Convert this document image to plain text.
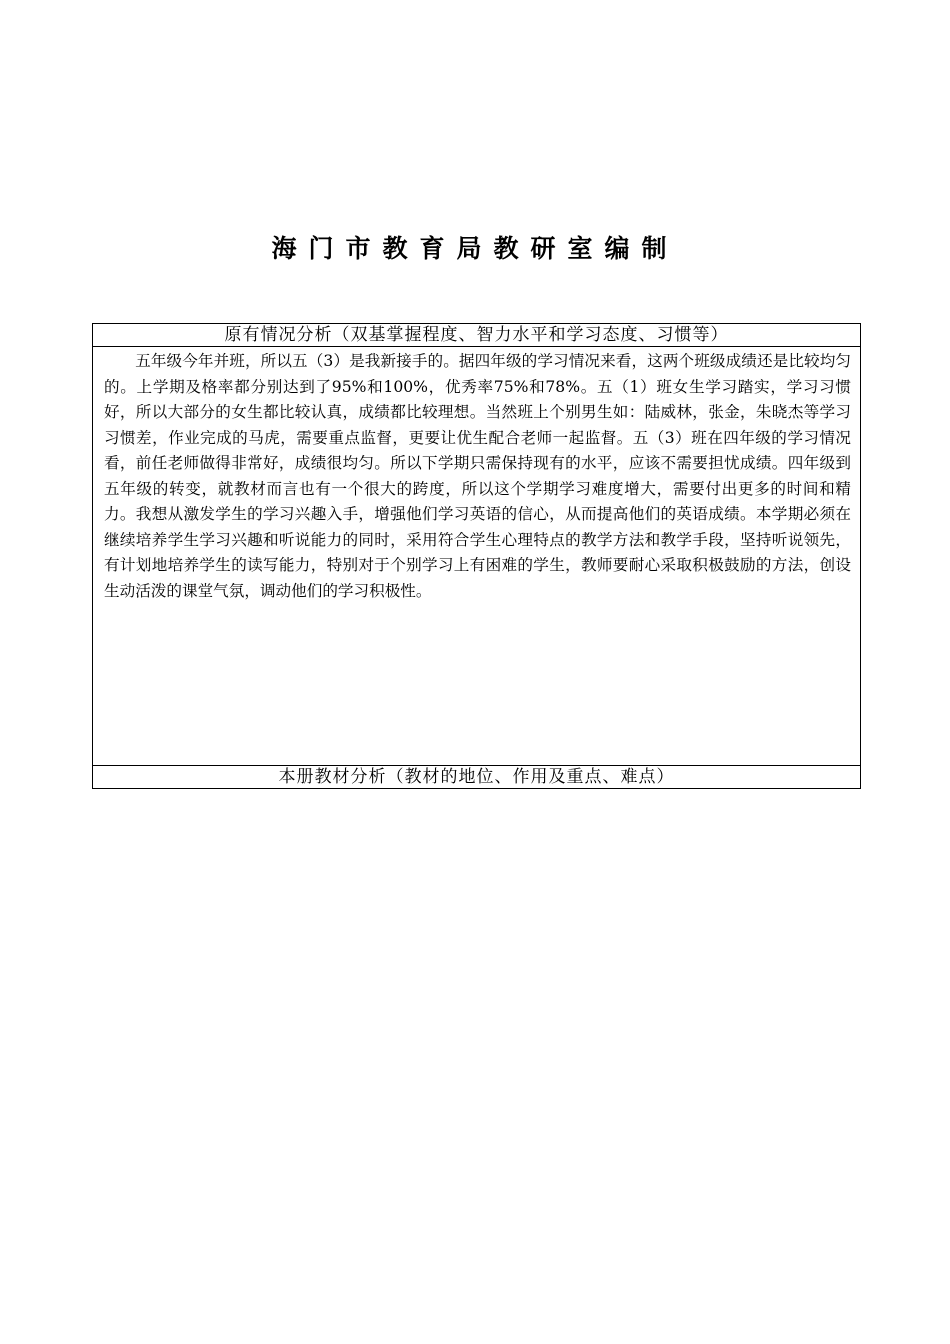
海门市教育局教研室编制
原有情况分析（双基掌握程度、智力水平和学习态度、习惯等）

五年级今年并班，所以五（3）是我新接手的。据四年级的学习情况来看，这两个班级成绩还是比较均匀的。上学期及格率都分别达到了95%和100%，优秀率75%和78%。五（1）班女生学习踏实，学习习惯好，所以大部分的女生都比较认真，成绩都比较理想。当然班上个别男生如：陆威林，张金，朱晓杰等学习习惯差，作业完成的马虎，需要重点监督，更要让优生配合老师一起监督。五（3）班在四年级的学习情况看，前任老师做得非常好，成绩很均匀。所以下学期只需保持现有的水平，应该不需要担忧成绩。四年级到五年级的转变，就教材而言也有一个很大的跨度，所以这个学期学习难度增大，需要付出更多的时间和精力。我想从激发学生的学习兴趣入手，增强他们学习英语的信心，从而提高他们的英语成绩。本学期必须在继续培养学生学习兴趣和听说能力的同时，采用符合学生心理特点的教学方法和教学手段，坚持听说领先，有计划地培养学生的读写能力，特别对于个别学习上有困难的学生，教师要耐心采取积极鼓励的方法，创设生动活泼的课堂气氛，调动他们的学习积极性。

本册教材分析（教材的地位、作用及重点、难点）
